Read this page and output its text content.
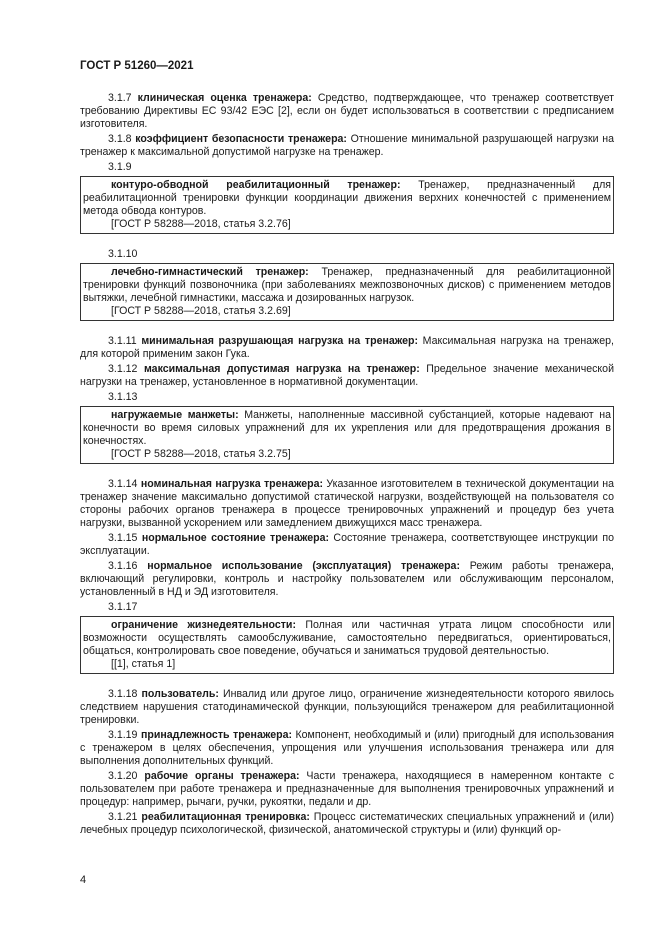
ГОСТ Р 51260—2021

3.1.7 клиническая оценка тренажера: Средство, подтверждающее, что тренажер соответствует требованию Директивы ЕС 93/42 ЕЭС [2], если он будет использоваться в соответствии с предписанием изготовителя.

3.1.8 коэффициент безопасности тренажера: Отношение минимальной разрушающей нагрузки на тренажер к максимальной допустимой нагрузке на тренажер.

3.1.9

контуро-обводной реабилитационный тренажер: Тренажер, предназначенный для реабилитационной тренировки функции координации движения верхних конечностей с применением метода обвода контуров.

[ГОСТ Р 58288—2018, статья 3.2.76]
3.1.10

лечебно-гимнастический тренажер: Тренажер, предназначенный для реабилитационной тренировки функций позвоночника (при заболеваниях межпозвоночных дисков) с применением методов вытяжки, лечебной гимнастики, массажа и дозированных нагрузок.

[ГОСТ Р 58288—2018, статья 3.2.69]

3.1.11 минимальная разрушающая нагрузка на тренажер: Максимальная нагрузка на тренажер, для которой применим закон Гука.

3.1.12 максимальная допустимая нагрузка на тренажер: Предельное значение механической нагрузки на тренажер, установленное в нормативной документации.

3.1.13

нагружаемые манжеты: Манжеты, наполненные массивной субстанцией, которые надевают на конечности во время силовых упражнений для их укрепления или для предотвращения дрожания в конечностях.

[ГОСТ Р 58288—2018, статья 3.2.75]

3.1.14 номинальная нагрузка тренажера: Указанное изготовителем в технической документации на тренажер значение максимально допустимой статической нагрузки, воздействующей на пользователя со стороны рабочих органов тренажера в процессе тренировочных упражнений и процедур без учета нагрузки, вызванной ускорением или замедлением движущихся масс тренажера.

3.1.15 нормальное состояние тренажера: Состояние тренажера, соответствующее инструкции по эксплуатации.

3.1.16 нормальное использование (эксплуатация) тренажера: Режим работы тренажера, включающий регулировки, контроль и настройку пользователем или обслуживающим персоналом, установленный в НД и ЭД изготовителя.

3.1.17

ограничение жизнедеятельности: Полная или частичная утрата лицом способности или возможности осуществлять самообслуживание, самостоятельно передвигаться, ориентироваться, общаться, контролировать свое поведение, обучаться и заниматься трудовой деятельностью.

[[1], статья 1]

3.1.18 пользователь: Инвалид или другое лицо, ограничение жизнедеятельности которого явилось следствием нарушения статодинамической функции, пользующийся тренажером для реабилитационной тренировки.

3.1.19 принадлежность тренажера: Компонент, необходимый и (или) пригодный для использования с тренажером в целях обеспечения, упрощения или улучшения использования тренажера или для выполнения дополнительных функций.

3.1.20 рабочие органы тренажера: Части тренажера, находящиеся в намеренном контакте с пользователем при работе тренажера и предназначенные для выполнения тренировочных упражнений и процедур: например, рычаги, ручки, рукоятки, педали и др.

3.1.21 реабилитационная тренировка: Процесс систематических специальных упражнений и (или) лечебных процедур психологической, физической, анатомической структуры и (или) функций ор-

4
